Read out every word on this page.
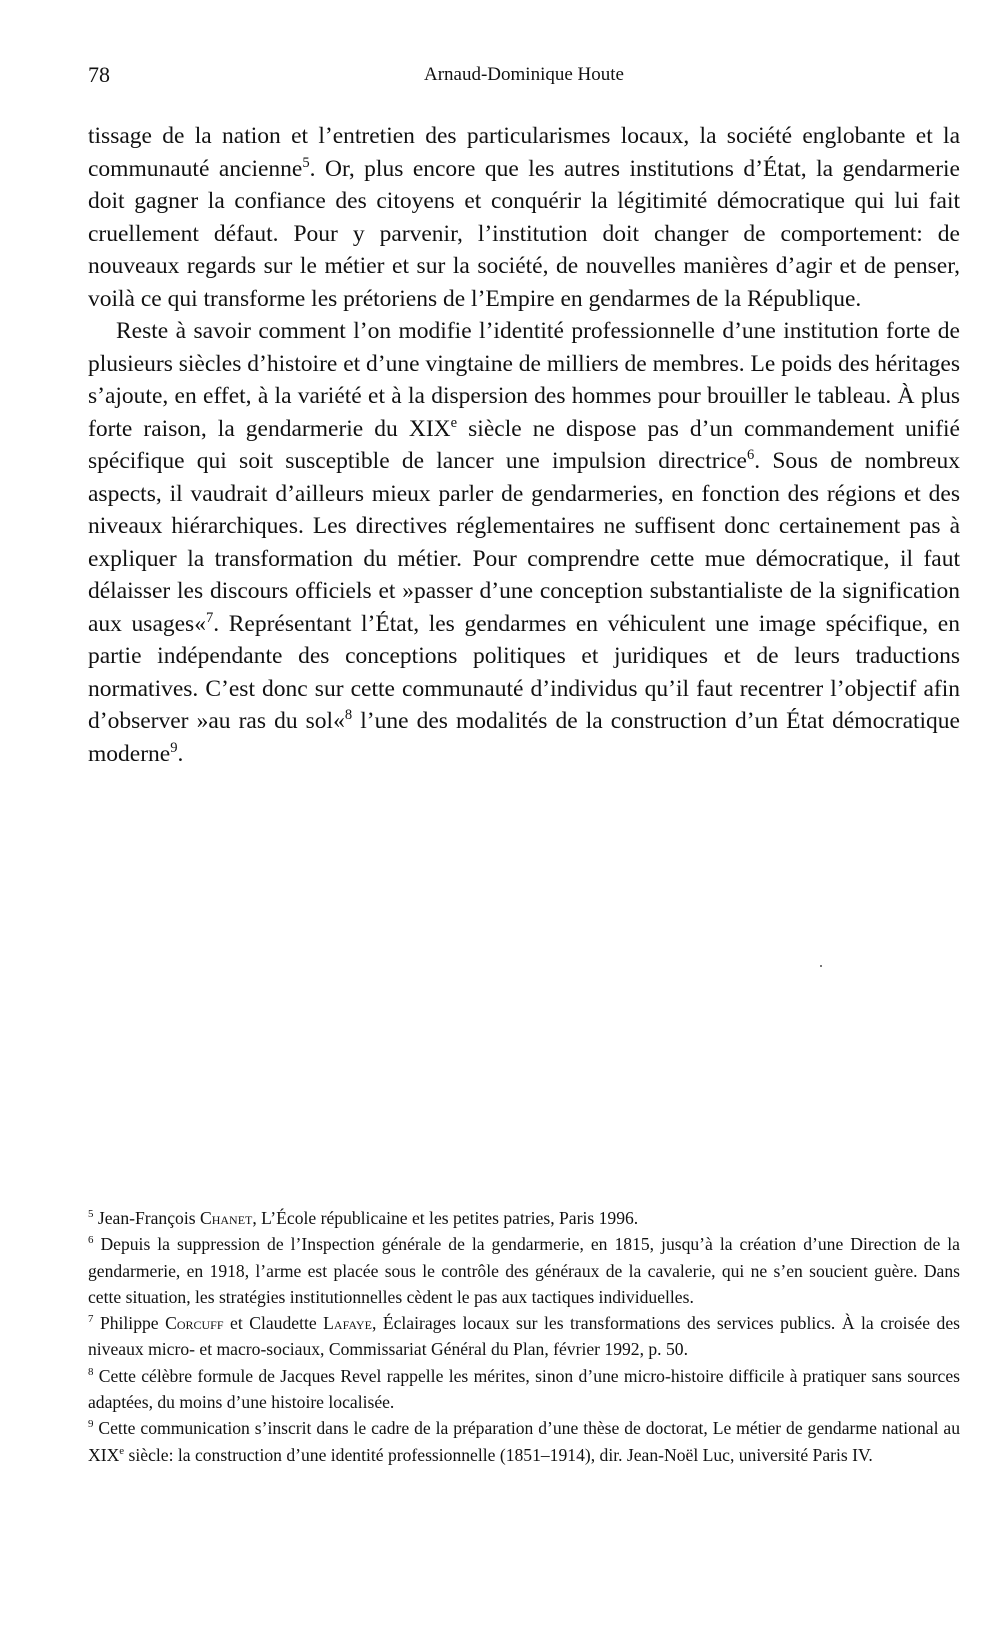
78	Arnaud-Dominique Houte

tissage de la nation et l’entretien des particularismes locaux, la société englobante et la communauté ancienne$^5$. Or, plus encore que les autres institutions d’État, la gendarmerie doit gagner la confiance des citoyens et conquérir la légitimité démocratique qui lui fait cruellement défaut. Pour y parvenir, l’institution doit changer de comportement: de nouveaux regards sur le métier et sur la société, de nouvelles manières d’agir et de penser, voilà ce qui transforme les prétoriens de l’Empire en gendarmes de la République.

Reste à savoir comment l’on modifie l’identité professionnelle d’une institution forte de plusieurs siècles d’histoire et d’une vingtaine de milliers de membres. Le poids des héritages s’ajoute, en effet, à la variété et à la dispersion des hommes pour brouiller le tableau. À plus forte raison, la gendarmerie du XIXe siècle ne dispose pas d’un commandement unifié spécifique qui soit susceptible de lancer une impulsion directrice$^6$. Sous de nombreux aspects, il vaudrait d’ailleurs mieux parler de gendarmeries, en fonction des régions et des niveaux hiérarchiques. Les directives réglementaires ne suffisent donc certainement pas à expliquer la transformation du métier. Pour comprendre cette mue démocratique, il faut délaisser les discours officiels et »passer d’une conception substantialiste de la signification aux usages«$^7$. Représentant l’État, les gendarmes en véhiculent une image spécifique, en partie indépendante des conceptions politiques et juridiques et de leurs traductions normatives. C’est donc sur cette communauté d’individus qu’il faut recentrer l’objectif afin d’observer »au ras du sol«$^8$ l’une des modalités de la construction d’un État démocratique moderne$^9$.

$^5$ Jean-François Chanet, L’École républicaine et les petites patries, Paris 1996.

$^6$ Depuis la suppression de l’Inspection générale de la gendarmerie, en 1815, jusqu’à la création d’une Direction de la gendarmerie, en 1918, l’arme est placée sous le contrôle des généraux de la cavalerie, qui ne s’en soucient guère. Dans cette situation, les stratégies institutionnelles cèdent le pas aux tactiques individuelles.

$^7$ Philippe Corcuff et Claudette Lafaye, Éclairages locaux sur les transformations des services publics. À la croisée des niveaux micro- et macro-sociaux, Commissariat Général du Plan, février 1992, p. 50.

$^8$ Cette célèbre formule de Jacques Revel rappelle les mérites, sinon d’une micro-histoire difficile à pratiquer sans sources adaptées, du moins d’une histoire localisée.

$^9$ Cette communication s’inscrit dans le cadre de la préparation d’une thèse de doctorat, Le métier de gendarme national au XIXe siècle: la construction d’une identité professionnelle (1851–1914), dir. Jean-Noël Luc, université Paris IV.
